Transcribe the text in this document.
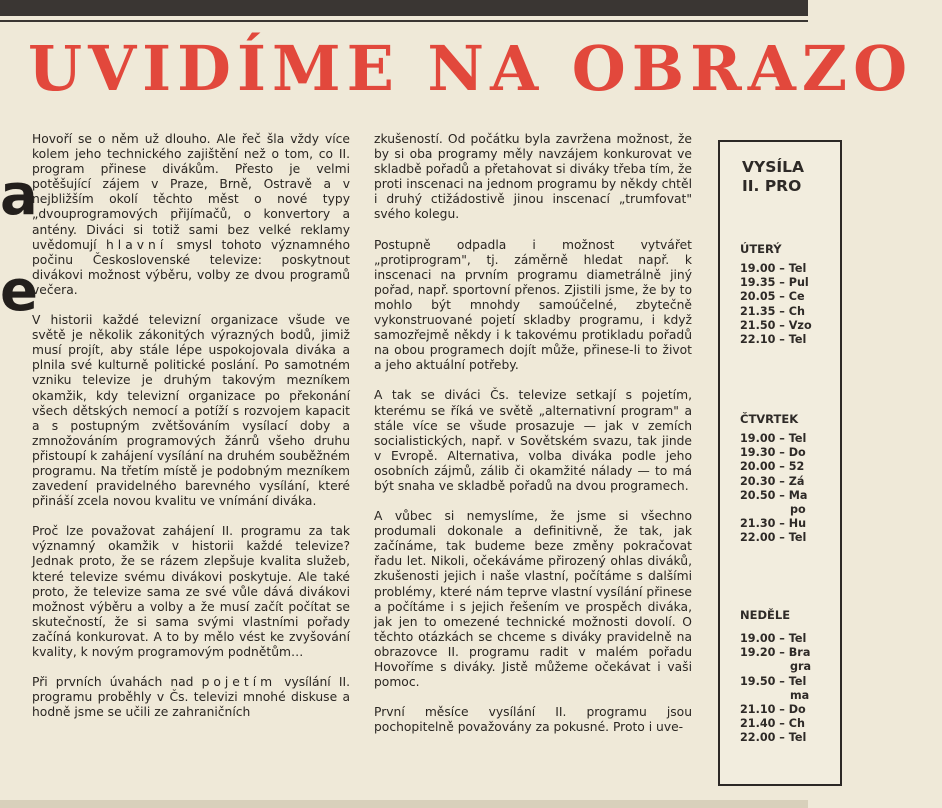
UVIDÍME NA OBRAZO
a
e

Hovoří se o něm už dlouho. Ale řeč šla vždy více kolem jeho technického zajištění než o tom, co II. program přinese divákům. Přesto je velmi potěšující zájem v Praze, Brně, Ostravě a v nejbližším okolí těchto měst o nové typy „dvouprogramových přijímačů, o konvertory a antény. Diváci si totiž sami bez velké reklamy uvědomují hlavní smysl tohoto významného počinu Československé televize: poskytnout divákovi možnost výběru, volby ze dvou programů večera.

V historii každé televizní organizace všude ve světě je několik zákonitých výrazných bodů, jimiž musí projít, aby stále lépe uspokojovala diváka a plnila své kulturně politické poslání. Po samotném vzniku televize je druhým takovým mezníkem okamžik, kdy televizní organizace po překonání všech dětských nemocí a potíží s rozvojem kapacit a s postupným zvětšováním vysílací doby a zmnožováním programových žánrů všeho druhu přistoupí k zahájení vysílání na druhém souběžném programu. Na třetím místě je podobným mezníkem zavedení pravidelného barevného vysílání, které přináší zcela novou kvalitu ve vnímání diváka.

Proč lze považovat zahájení II. programu za tak významný okamžik v historii každé televize? Jednak proto, že se rázem zlepšuje kvalita služeb, které televize svému divákovi poskytuje. Ale také proto, že televize sama ze své vůle dává divákovi možnost výběru a volby a že musí začít počítat se skutečností, že si sama svými vlastními pořady začíná konkurovat. A to by mělo vést ke zvyšování kvality, k novým programovým podnětům…

Při prvních úvahách nad pojetím vysílání II. programu proběhly v Čs. televizi mnohé diskuse a hodně jsme se učili ze zahraničních

zkušeností. Od počátku byla zavržena možnost, že by si oba programy měly navzájem konkurovat ve skladbě pořadů a přetahovat si diváky třeba tím, že proti inscenaci na jednom programu by někdy chtěl i druhý ctižádostivě jinou inscenací „trumfovat" svého kolegu.

Postupně odpadla i možnost vytvářet „protiprogram", tj. záměrně hledat např. k inscenaci na prvním programu diametrálně jiný pořad, např. sportovní přenos. Zjistili jsme, že by to mohlo být mnohdy samoúčelné, zbytečně vykonstruované pojetí skladby programu, i když samozřejmě někdy i k takovému protikladu pořadů na obou programech dojít může, přinese-li to život a jeho aktuální potřeby.

A tak se diváci Čs. televize setkají s pojetím, kterému se říká ve světě „alternativní program" a stále více se všude prosazuje — jak v zemích socialistických, např. v Sovětském svazu, tak jinde v Evropě. Alternativa, volba diváka podle jeho osobních zájmů, zálib či okamžité nálady — to má být snaha ve skladbě pořadů na dvou programech.

A vůbec si nemyslíme, že jsme si všechno produmali dokonale a definitivně, že tak, jak začínáme, tak budeme beze změny pokračovat řadu let. Nikoli, očekáváme přirozený ohlas diváků, zkušenosti jejich i naše vlastní, počítáme s dalšími problémy, které nám teprve vlastní vysílání přinese a počítáme i s jejich řešením ve prospěch diváka, jak jen to omezené technické možnosti dovolí. O těchto otázkách se chceme s diváky pravidelně na obrazovce II. programu radit v malém pořadu Hovoříme s diváky. Jistě můžeme očekávat i vaši pomoc.

První měsíce vysílání II. programu jsou pochopitelně považovány za pokusné. Proto i uve-

VYSÍLA
II. PRO
ÚTERÝ
19.00 – Tel
19.35 – Pul
20.05 – Ce
21.35 – Ch
21.50 – Vzo
22.10 – Tel
ČTVRTEK
19.00 – Tel
19.30 – Do
20.00 – 52
20.30 – Zá
20.50 – Ma
po
21.30 – Hu
22.00 – Tel
NEDĚLE
19.00 – Tel
19.20 – Bra
gra
19.50 – Tel
ma
21.10 – Do
21.40 – Ch
22.00 – Tel
